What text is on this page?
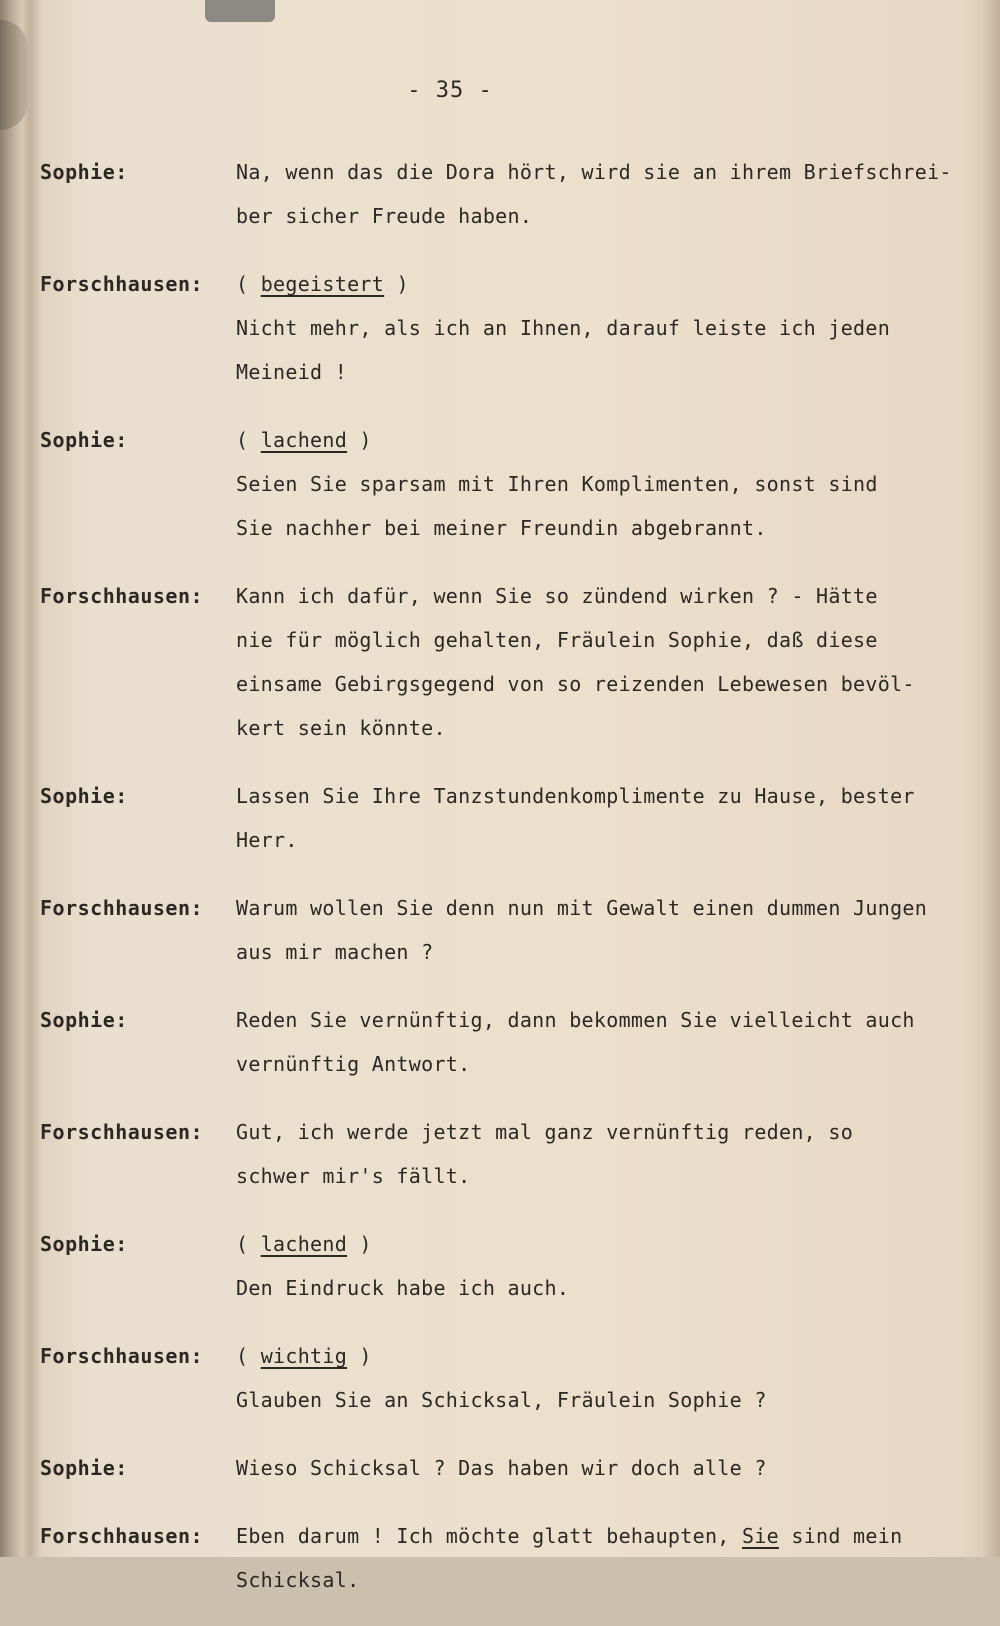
- 35 -
Sophie:	Na, wenn das die Dora hört, wird sie an ihrem Briefschrei-
ber sicher Freude haben.
Forschhausen:	( begeistert )
Nicht mehr, als ich an Ihnen, darauf leiste ich jeden
Meineid !
Sophie:	( lachend )
Seien Sie sparsam mit Ihren Komplimenten, sonst sind
Sie nachher bei meiner Freundin abgebrannt.
Forschhausen:	Kann ich dafür, wenn Sie so zündend wirken ? - Hätte
nie für möglich gehalten, Fräulein Sophie, daß diese
einsame Gebirgsgegend von so reizenden Lebewesen bevöl-
kert sein könnte.
Sophie:	Lassen Sie Ihre Tanzstundenkomplimente zu Hause, bester
Herr.
Forschhausen:	Warum wollen Sie denn nun mit Gewalt einen dummen Jungen
aus mir machen ?
Sophie:	Reden Sie vernünftig, dann bekommen Sie vielleicht auch
vernünftig Antwort.
Forschhausen:	Gut, ich werde jetzt mal ganz vernünftig reden, so
schwer mir's fällt.
Sophie:	( lachend )
Den Eindruck habe ich auch.
Forschhausen:	( wichtig )
Glauben Sie an Schicksal, Fräulein Sophie ?
Sophie:	Wieso Schicksal ? Das haben wir doch alle ?
Forschhausen:	Eben darum ! Ich möchte glatt behaupten, Sie sind mein
Schicksal.
